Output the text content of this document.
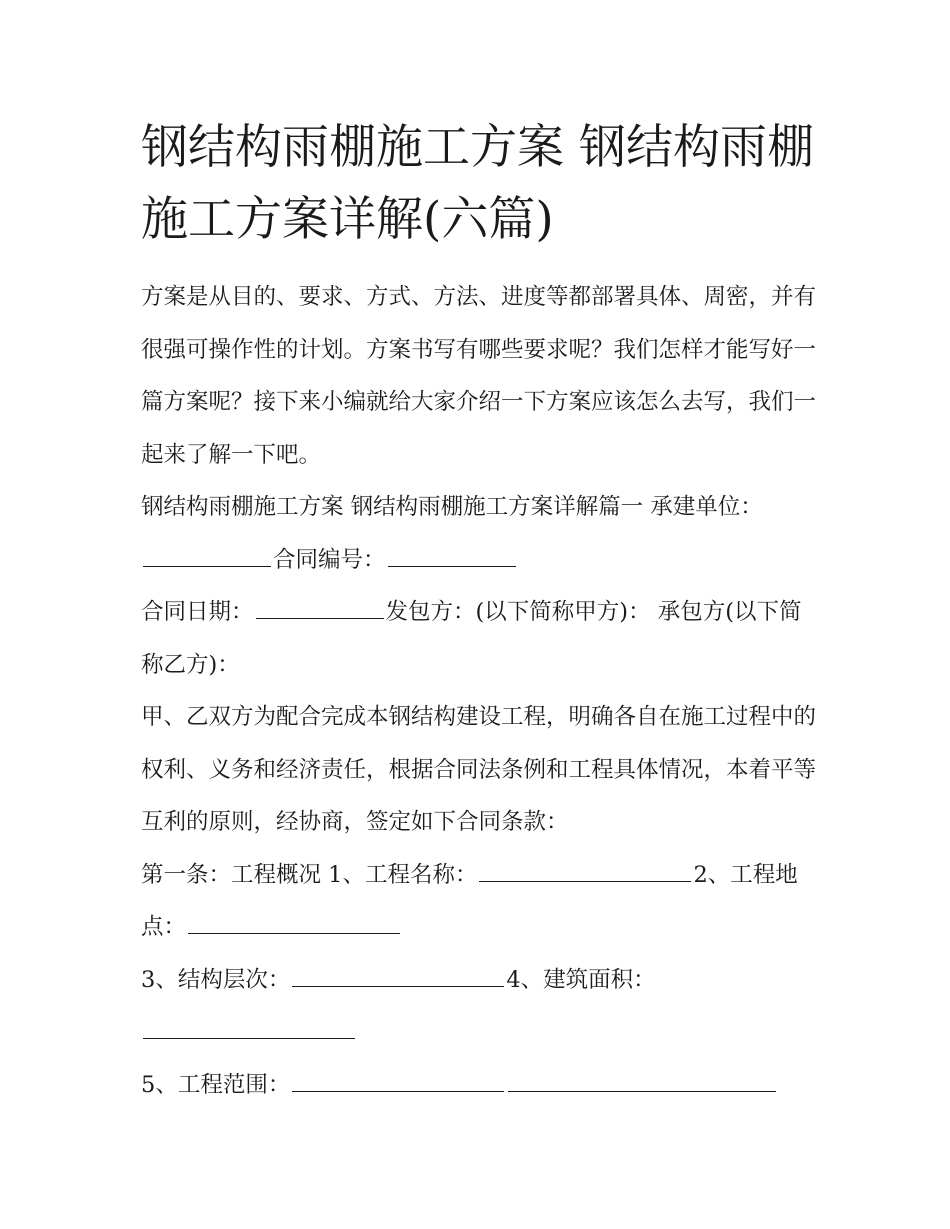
钢结构雨棚施工方案 钢结构雨棚施工方案详解(六篇)

方案是从目的、要求、方式、方法、进度等都部署具体、周密，并有很强可操作性的计划。方案书写有哪些要求呢？我们怎样才能写好一篇方案呢？接下来小编就给大家介绍一下方案应该怎么去写，我们一起来了解一下吧。

钢结构雨棚施工方案 钢结构雨棚施工方案详解篇一 承建单位：合同编号：

合同日期：	发包方：(以下简称甲方)： 承包方(以下简称乙方)：

甲、乙双方为配合完成本钢结构建设工程，明确各自在施工过程中的权利、义务和经济责任，根据合同法条例和工程具体情况，本着平等互利的原则，经协商，签定如下合同条款：

第一条：工程概况 1、工程名称：	2、工程地点：

3、结构层次：	4、建筑面积：

5、工程范围：
